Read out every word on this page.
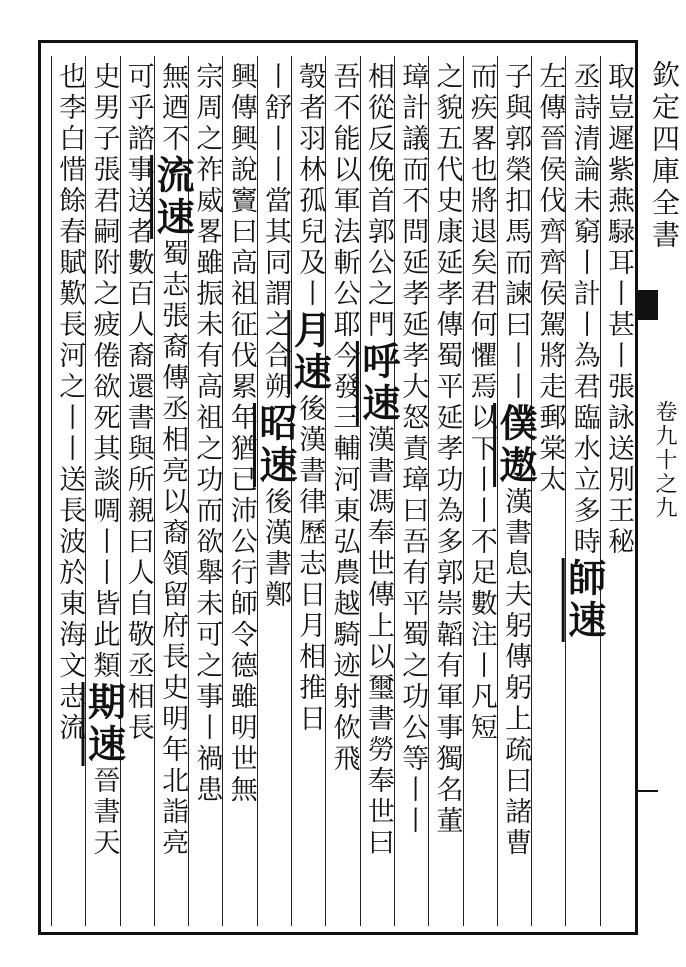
欽定四庫全書
卷九十之九
取豈遲紫燕騄耳丨甚丨張詠送別王秘
丞詩清論未窮丨計丨為君臨水立多時師速
左傳晉侯伐齊齊侯駕將走郵棠太
子與郭榮扣馬而諫曰丨丨僕遨漢書息夫躬傳躬上疏曰諸曹
而疾畧也將退矣君何懼焉以下丨丨不足數注丨凡短
之貌五代史康延孝傳蜀平延孝功為多郭崇韜有軍事獨名董
璋計議而不問延孝延孝大怒責璋曰吾有平蜀之功公等丨丨
相從反俛首郭公之門呼速漢書馮奉世傳上以璽書勞奉世曰
吾不能以軍法斬公耶今發三輔河東弘農越騎迹射佽飛
彀者羽林孤兒及丨月速後漢書律歷志日月相推日
丨舒丨丨當其同謂之合朔昭速後漢書鄭
興傳興說竇曰高祖征伐累年猶已沛公行師令德雖明世無
宗周之祚威畧雖振未有高祖之功而欲舉未可之事丨禍患
無迺不流速蜀志張裔傳丞相亮以裔領留府長史明年北詣亮
可乎諮事送者數百人裔還書與所親曰人自敬丞相長
史男子張君嗣附之疲倦欲死其談啁丨丨皆此類期速晉書天
也李白惜餘春賦歎長河之丨丨送長波於東海文志流
